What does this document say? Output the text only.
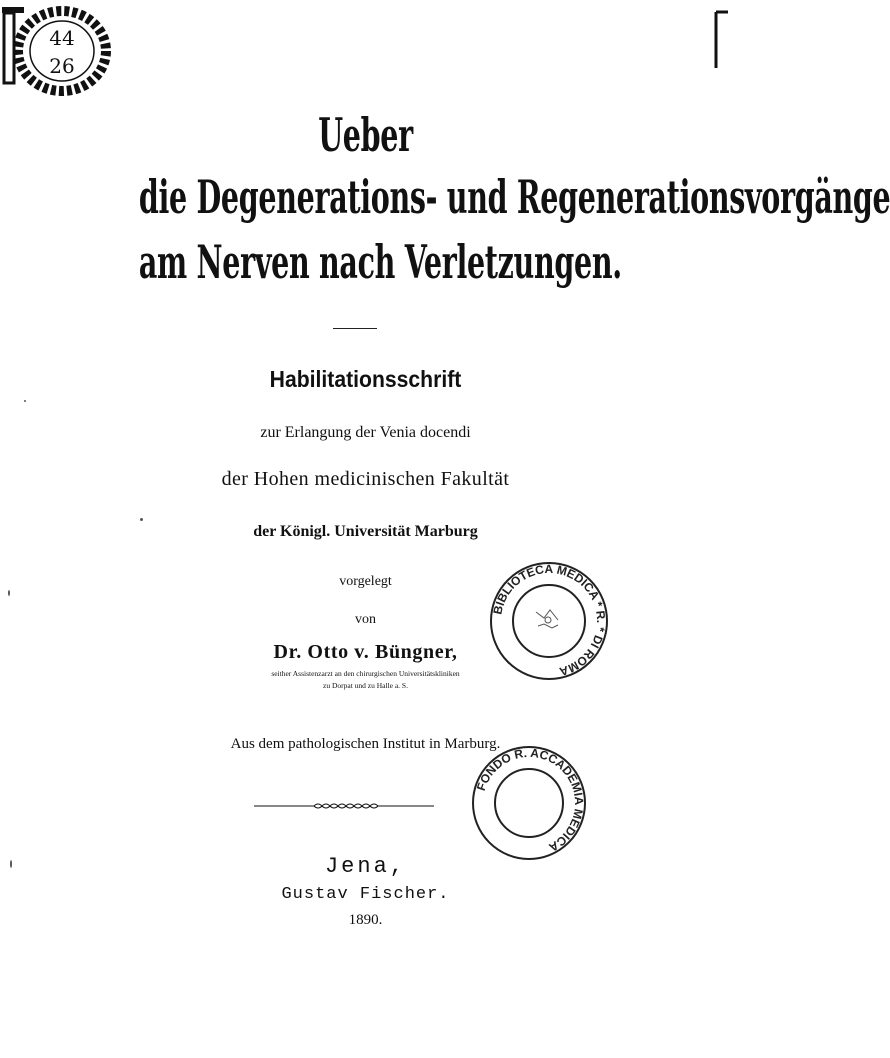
44
26
Ueber
die Degenerations- und Regenerationsvorgänge
am Nerven nach Verletzungen.
Habilitationsschrift
zur Erlangung der Venia docendi
der Hohen medicinischen Fakultät
der Königl. Universität Marburg
vorgelegt
von
Dr. Otto v. Büngner,
seither Assistenzarzt an den chirurgischen Universitätskliniken
zu Dorpat und zu Halle a. S.
Aus dem pathologischen Institut in Marburg.
Jena,
Gustav Fischer.
1890.
BIBLIOTECA MEDICA * R. * DI ROMA
FONDO R. ACCADEMIA MEDICA
